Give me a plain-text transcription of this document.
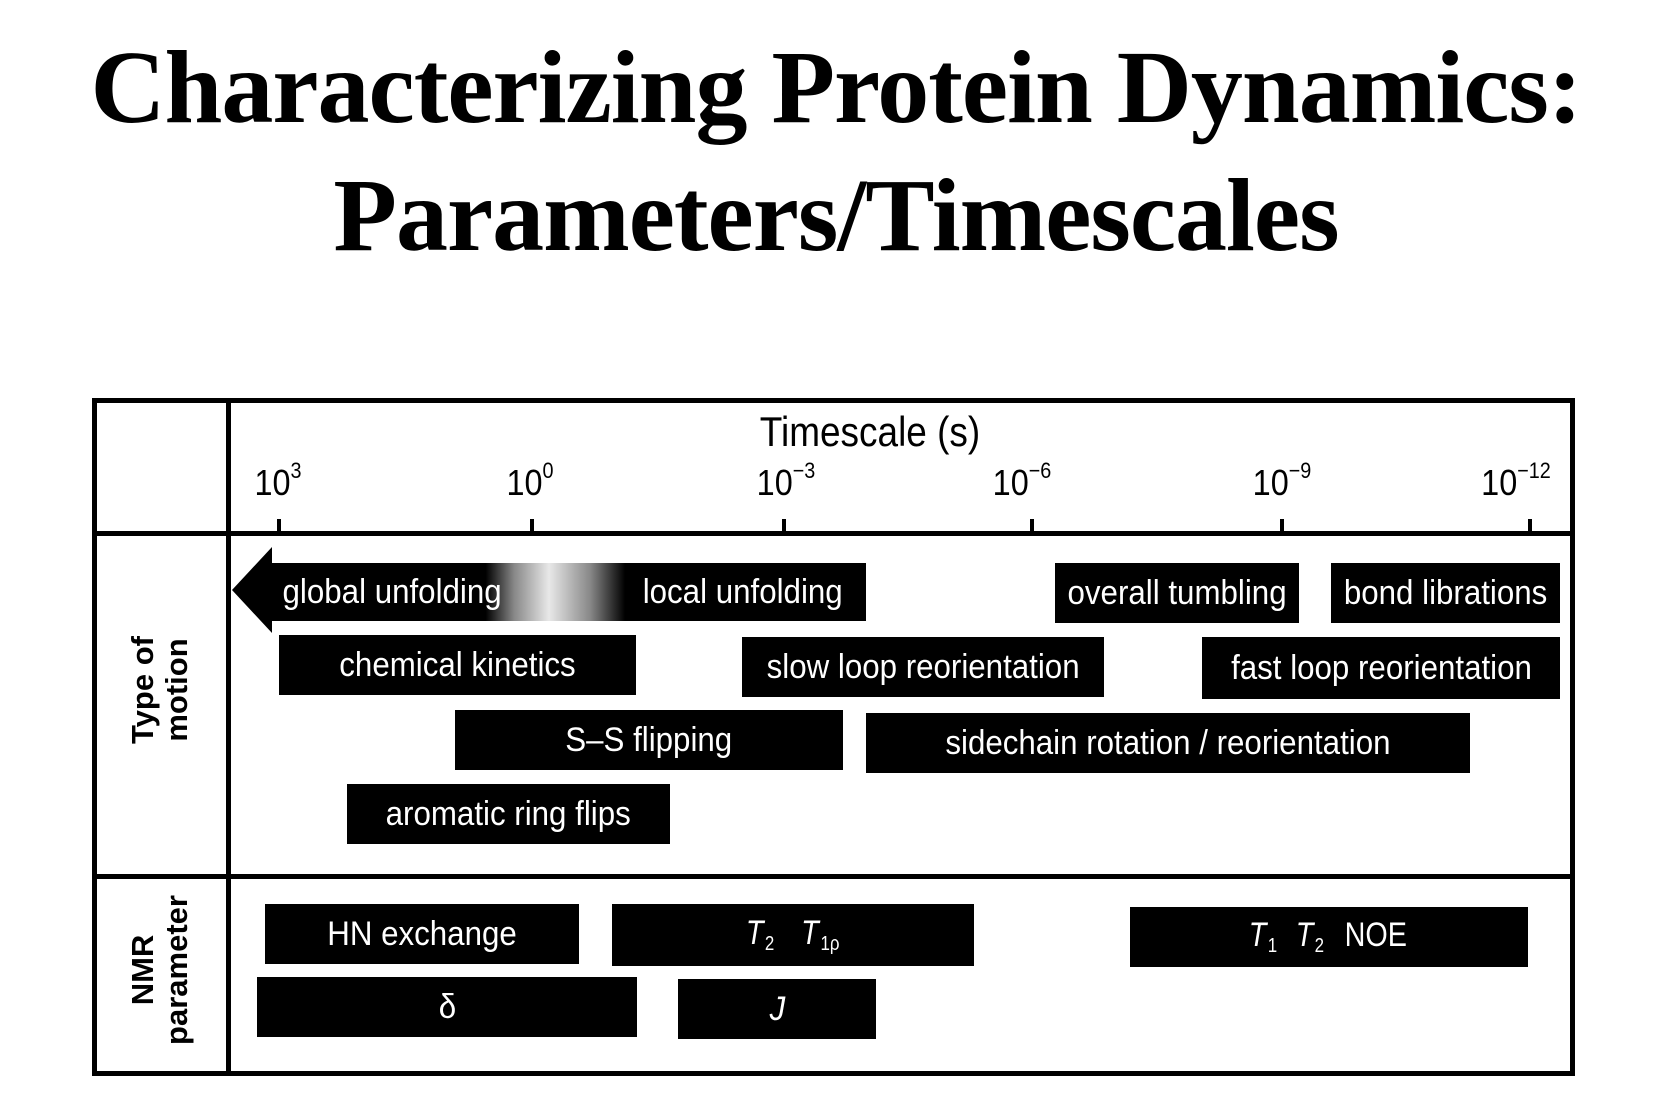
Characterizing Protein Dynamics:
Parameters/Timescales
Timescale (s)
$10^3$	$10^0$	$10^{-3}$	$10^{-6}$	$10^{-9}$	$10^{-12}$
Type of motion
NMR parameter
global unfolding	local unfolding	overall tumbling bond librations
chemical kinetics	slow loop reorientation	fast loop reorientation
S–S flipping	sidechain rotation / reorientation
aromatic ring flips
HN exchange	T2 T1ρ	T1 T2 NOE
δ	J
